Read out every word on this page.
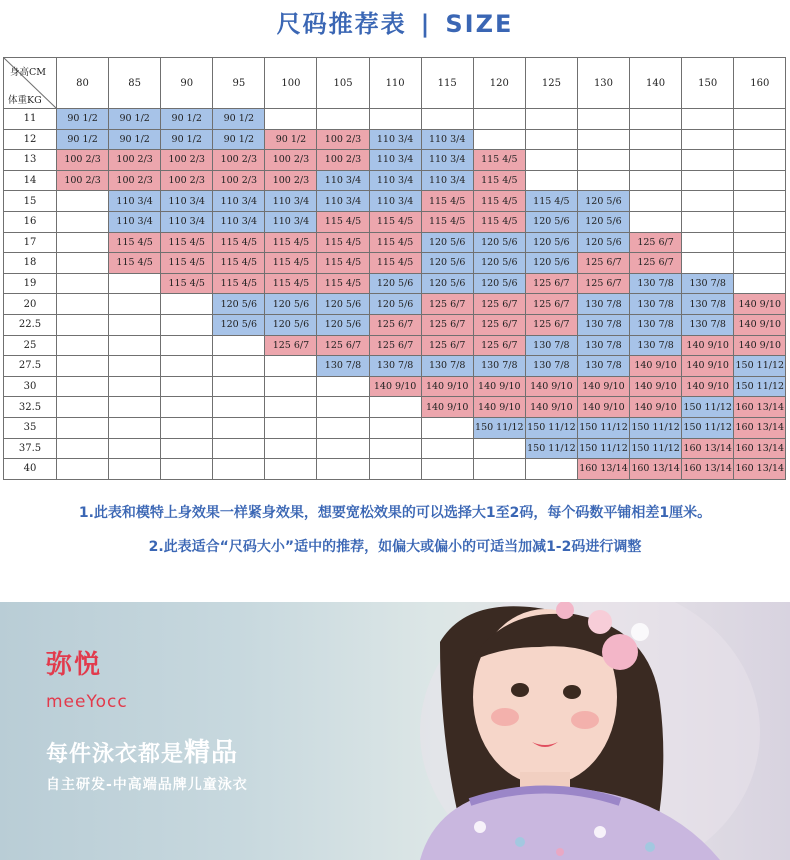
尺码推荐表 | SIZE
身高CM
体重KG	80	85	90	95	100	105	110	115	120	125	130	140	150	160
11	90 1/2	90 1/2	90 1/2	90 1/2										
12	90 1/2	90 1/2	90 1/2	90 1/2	90 1/2	100 2/3	110 3/4	110 3/4						
13	100 2/3	100 2/3	100 2/3	100 2/3	100 2/3	100 2/3	110 3/4	110 3/4	115 4/5					
14	100 2/3	100 2/3	100 2/3	100 2/3	100 2/3	110 3/4	110 3/4	110 3/4	115 4/5					
15		110 3/4	110 3/4	110 3/4	110 3/4	110 3/4	110 3/4	115 4/5	115 4/5	115 4/5	120 5/6			
16		110 3/4	110 3/4	110 3/4	110 3/4	115 4/5	115 4/5	115 4/5	115 4/5	120 5/6	120 5/6			
17		115 4/5	115 4/5	115 4/5	115 4/5	115 4/5	115 4/5	120 5/6	120 5/6	120 5/6	120 5/6	125 6/7		
18		115 4/5	115 4/5	115 4/5	115 4/5	115 4/5	115 4/5	120 5/6	120 5/6	120 5/6	125 6/7	125 6/7		
19			115 4/5	115 4/5	115 4/5	115 4/5	120 5/6	120 5/6	120 5/6	125 6/7	125 6/7	130 7/8	130 7/8	
20				120 5/6	120 5/6	120 5/6	120 5/6	125 6/7	125 6/7	125 6/7	130 7/8	130 7/8	130 7/8	140 9/10
22.5				120 5/6	120 5/6	120 5/6	125 6/7	125 6/7	125 6/7	125 6/7	130 7/8	130 7/8	130 7/8	140 9/10
25					125 6/7	125 6/7	125 6/7	125 6/7	125 6/7	130 7/8	130 7/8	130 7/8	140 9/10	140 9/10
27.5						130 7/8	130 7/8	130 7/8	130 7/8	130 7/8	130 7/8	140 9/10	140 9/10	150 11/12
30							140 9/10	140 9/10	140 9/10	140 9/10	140 9/10	140 9/10	140 9/10	150 11/12
32.5								140 9/10	140 9/10	140 9/10	140 9/10	140 9/10	150 11/12	160 13/14
35									150 11/12	150 11/12	150 11/12	150 11/12	150 11/12	160 13/14
37.5										150 11/12	150 11/12	150 11/12	160 13/14	160 13/14
40											160 13/14	160 13/14	160 13/14	160 13/14
1.此表和模特上身效果一样紧身效果，想要宽松效果的可以选择大1至2码，每个码数平铺相差1厘米。
2.此表适合“尺码大小”适中的推荐，如偏大或偏小的可适当加减1-2码进行调整
弥悦
meeYocc
每件泳衣都是精品
自主研发-中高端品牌儿童泳衣
